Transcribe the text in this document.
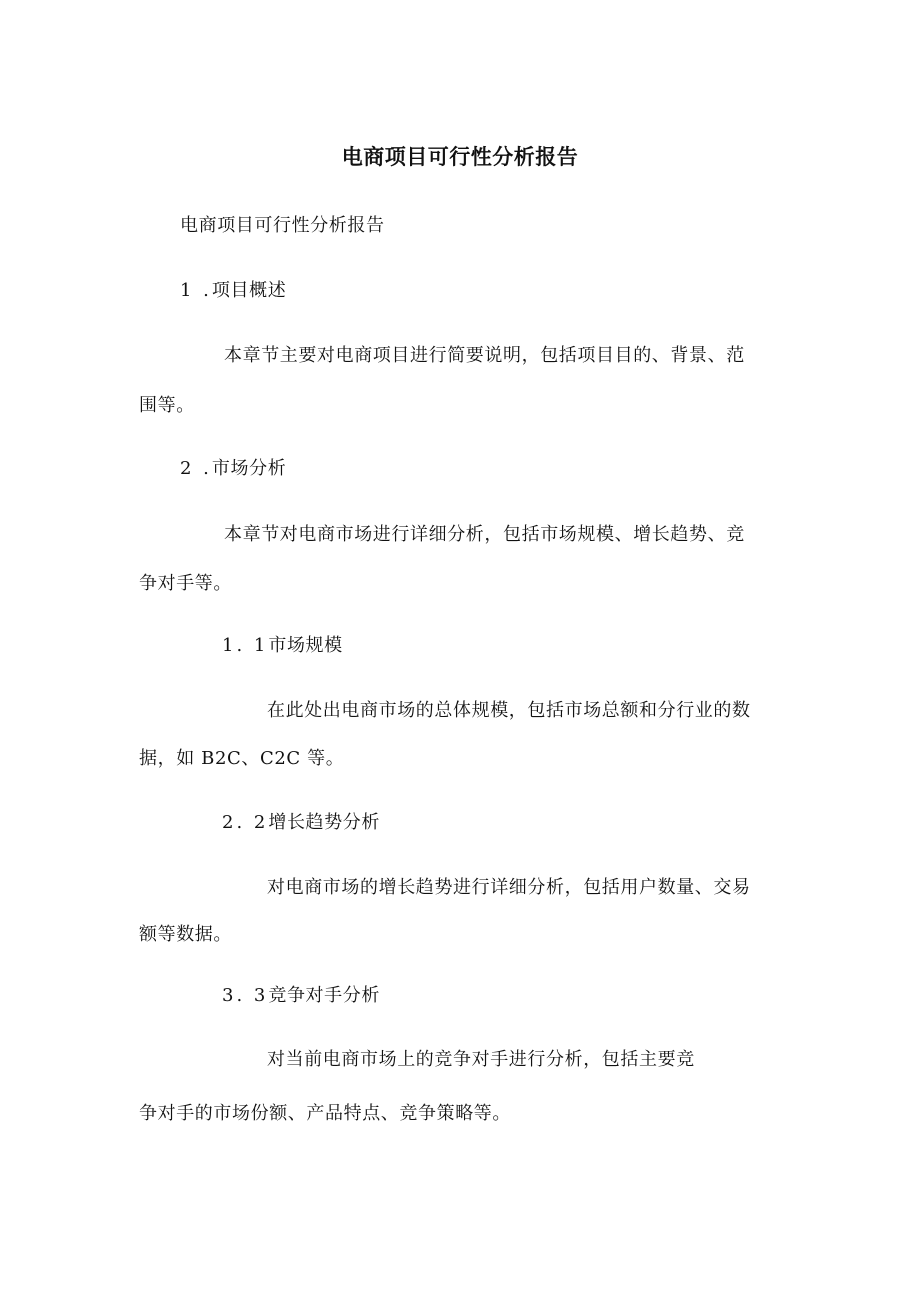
电商项目可行性分析报告
电商项目可行性分析报告
1 .项目概述
本章节主要对电商项目进行简要说明，包括项目目的、背景、范
围等。
2 .市场分析
本章节对电商市场进行详细分析，包括市场规模、增长趋势、竞
争对手等。
1. 1市场规模
在此处出电商市场的总体规模，包括市场总额和分行业的数
据，如 B2C、C2C 等。
2. 2增长趋势分析
对电商市场的增长趋势进行详细分析，包括用户数量、交易
额等数据。
3. 3竞争对手分析
对当前电商市场上的竞争对手进行分析，包括主要竞
争对手的市场份额、产品特点、竞争策略等。
